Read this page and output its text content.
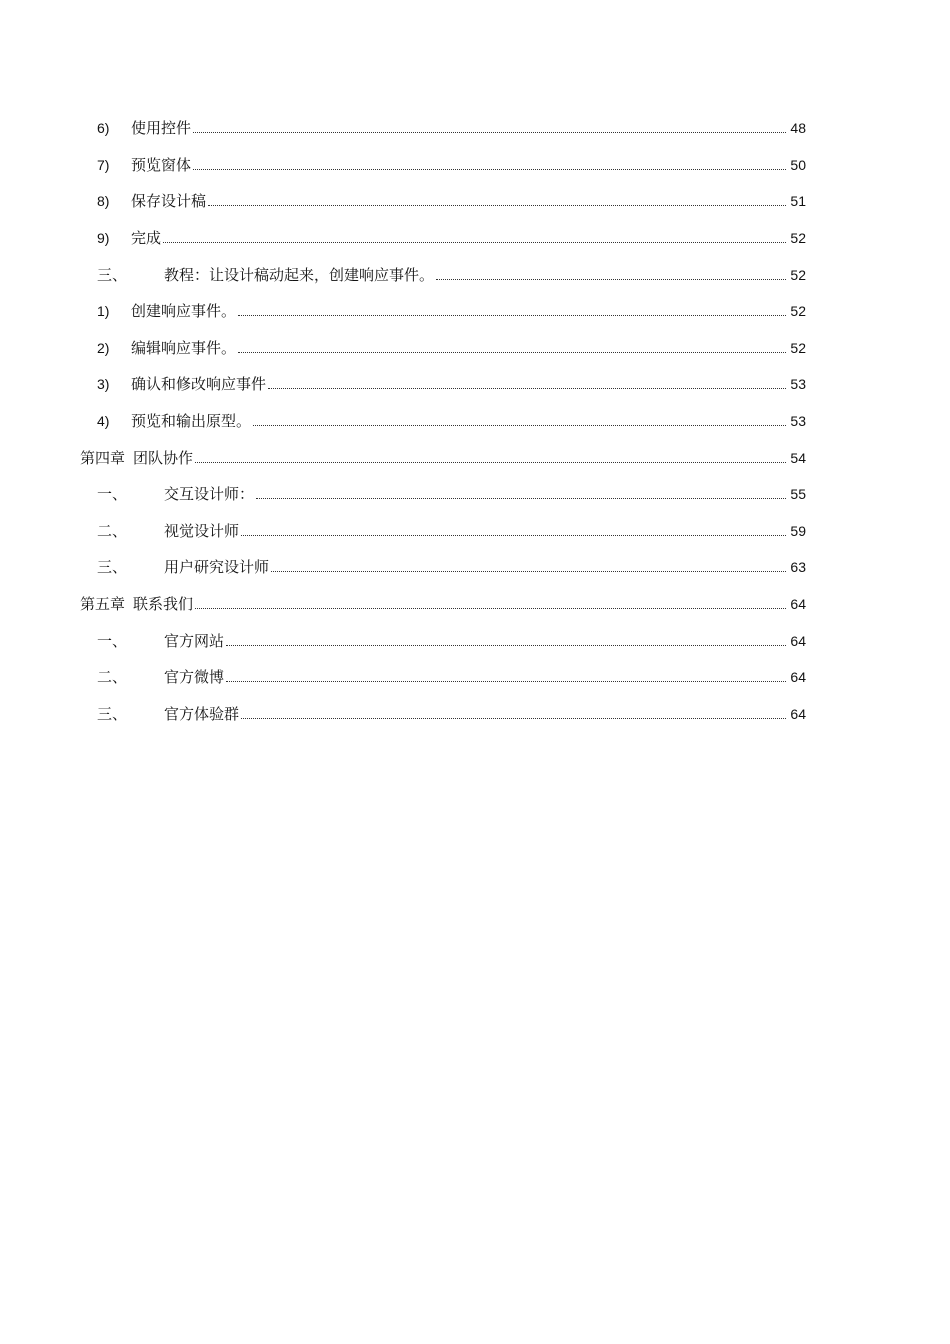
6)	使用控件	48
7)	预览窗体	50
8)	保存设计稿	51
9)	完成	52
三、	教程：让设计稿动起来，创建响应事件。	52
1)	创建响应事件。	52
2)	编辑响应事件。	52
3)	确认和修改响应事件	53
4)	预览和输出原型。	53
第四章 团队协作	54
一、	交互设计师：	55
二、	视觉设计师	59
三、	用户研究设计师	63
第五章 联系我们	64
一、	官方网站	64
二、	官方微博	64
三、	官方体验群	64
